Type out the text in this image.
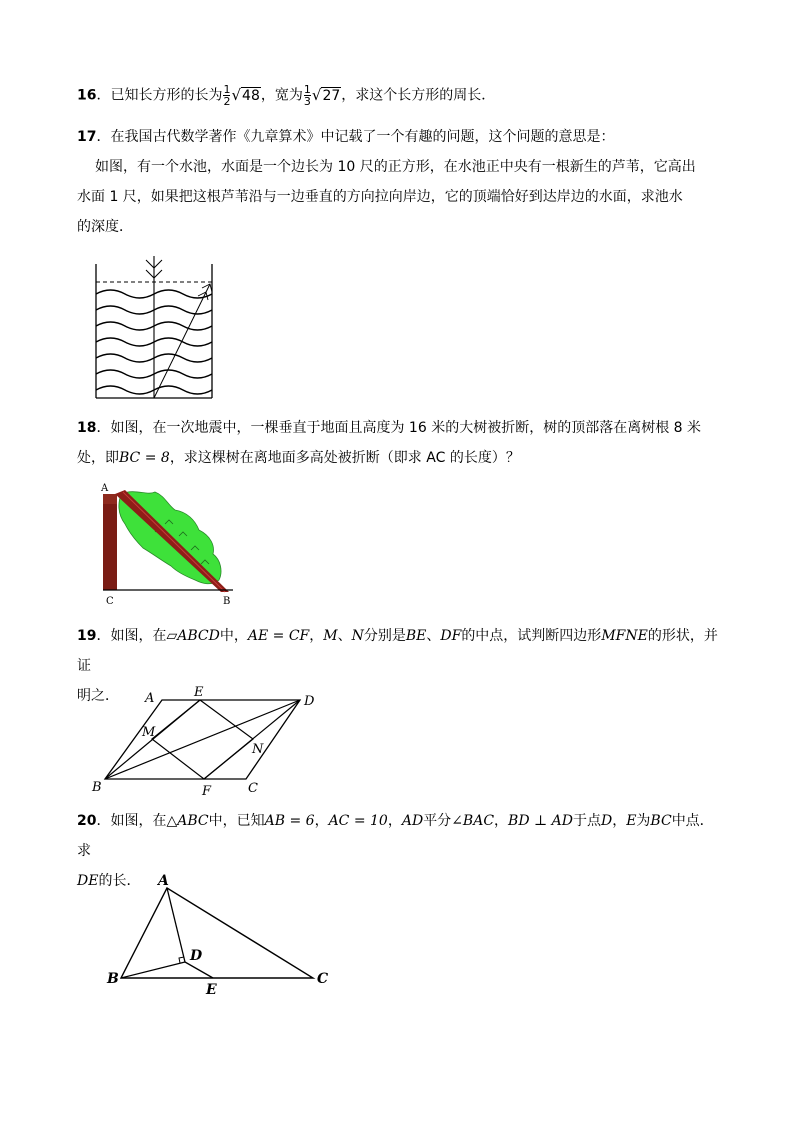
16．已知长方形的长为 $\frac{1}{2} √48$，宽为 $\frac{1}{3} √27$，求这个长方形的周长．
17．在我国古代数学著作《九章算术》中记载了一个有趣的问题，这个问题的意思是：
如图，有一个水池，水面是一个边长为 10 尺的正方形，在水池正中央有一根新生的芦苇，它高出
水面 1 尺，如果把这根芦苇沿与一边垂直的方向拉向岸边，它的顶端恰好到达岸边的水面，求池水
的深度．
18．如图，在一次地震中，一棵垂直于地面且高度为 16 米的大树被折断，树的顶部落在离树根 8 米
处，即BC = 8，求这棵树在离地面多高处被折断（即求 AC 的长度）？
A
C	B
19．如图，在▱ABCD中，AE = CF，M、N分别是BE、DF的中点，试判断四边形MFNE的形状，并证
明之．	A	E
D
M
N
B	F	C
20．如图，在△ABC中，已知AB = 6，AC = 10，AD平分∠BAC，BD ⊥ AD于点D，E为BC中点．求
DE的长．	A
B
D
E
C
